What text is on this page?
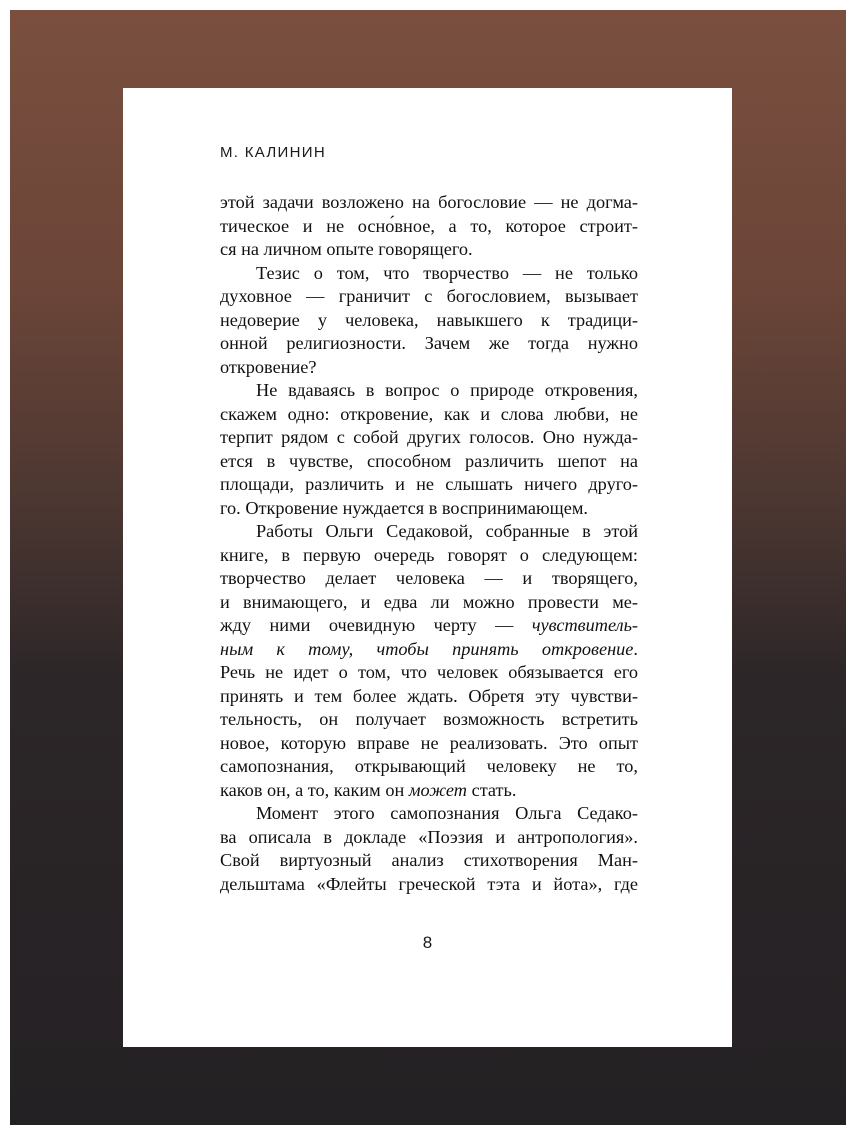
М. КАЛИНИН
этой задачи возложено на богословие — не догма-
тическое и не осно́вное, а то, которое строит-
ся на личном опыте говорящего.
Тезис о том, что творчество — не только
духовное — граничит с богословием, вызывает
недоверие у человека, навыкшего к традици-
онной религиозности. Зачем же тогда нужно
откровение?
Не вдаваясь в вопрос о природе откровения,
скажем одно: откровение, как и слова любви, не
терпит рядом с собой других голосов. Оно нужда-
ется в чувстве, способном различить шепот на
площади, различить и не слышать ничего друго-
го. Откровение нуждается в воспринимающем.
Работы Ольги Седаковой, собранные в этой
книге, в первую очередь говорят о следующем:
творчество делает человека — и творящего,
и внимающего, и едва ли можно провести ме-
жду ними очевидную черту — чувствитель-
ным к тому, чтобы принять откровение.
Речь не идет о том, что человек обязывается его
принять и тем более ждать. Обретя эту чувстви-
тельность, он получает возможность встретить
новое, которую вправе не реализовать. Это опыт
самопознания, открывающий человеку не то,
каков он, а то, каким он может стать.
Момент этого самопознания Ольга Седако-
ва описала в докладе «Поэзия и антропология».
Свой виртуозный анализ стихотворения Ман-
дельштама «Флейты греческой тэта и йота», где
8
